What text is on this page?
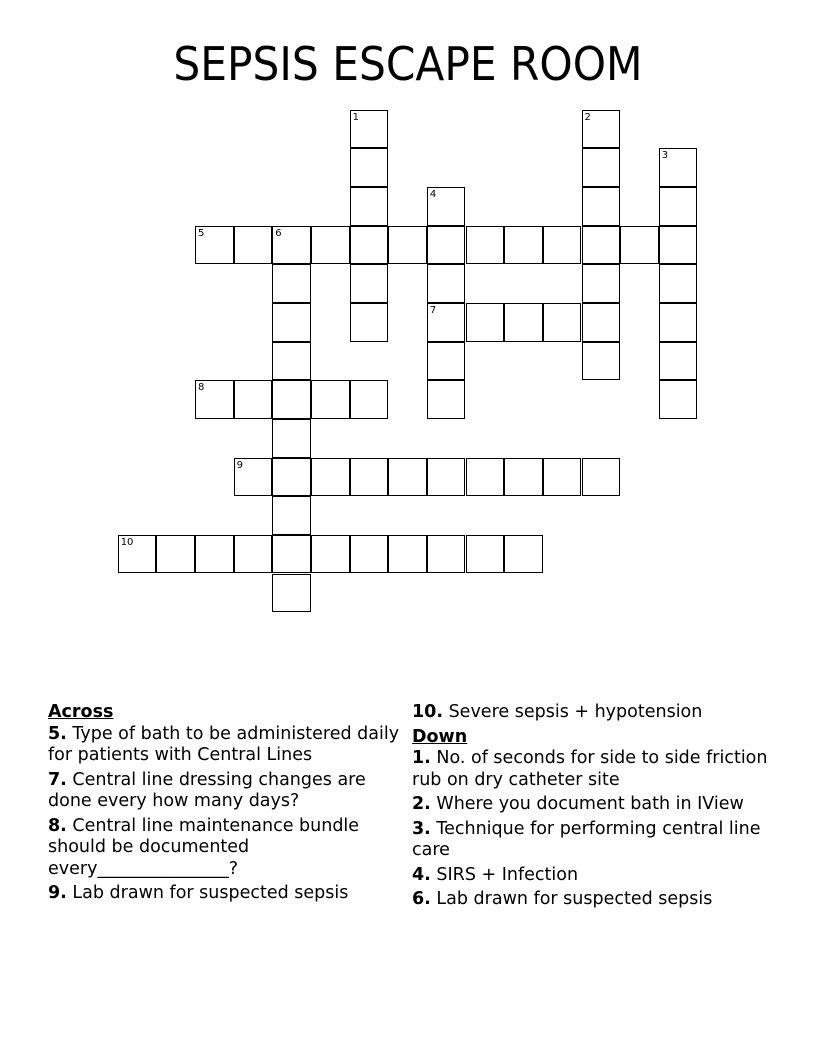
SEPSIS ESCAPE ROOM
1	2
3
4
7
5	6
8
9
10
Across
5. Type of bath to be administered daily for patients with Central Lines
7. Central line dressing changes are done every how many days?
8. Central line maintenance bundle should be documented every_______________?
9. Lab drawn for suspected sepsis
10. Severe sepsis + hypotension
Down
1. No. of seconds for side to side friction rub on dry catheter site
2. Where you document bath in IView
3. Technique for performing central line care
4. SIRS + Infection
6. Lab drawn for suspected sepsis
